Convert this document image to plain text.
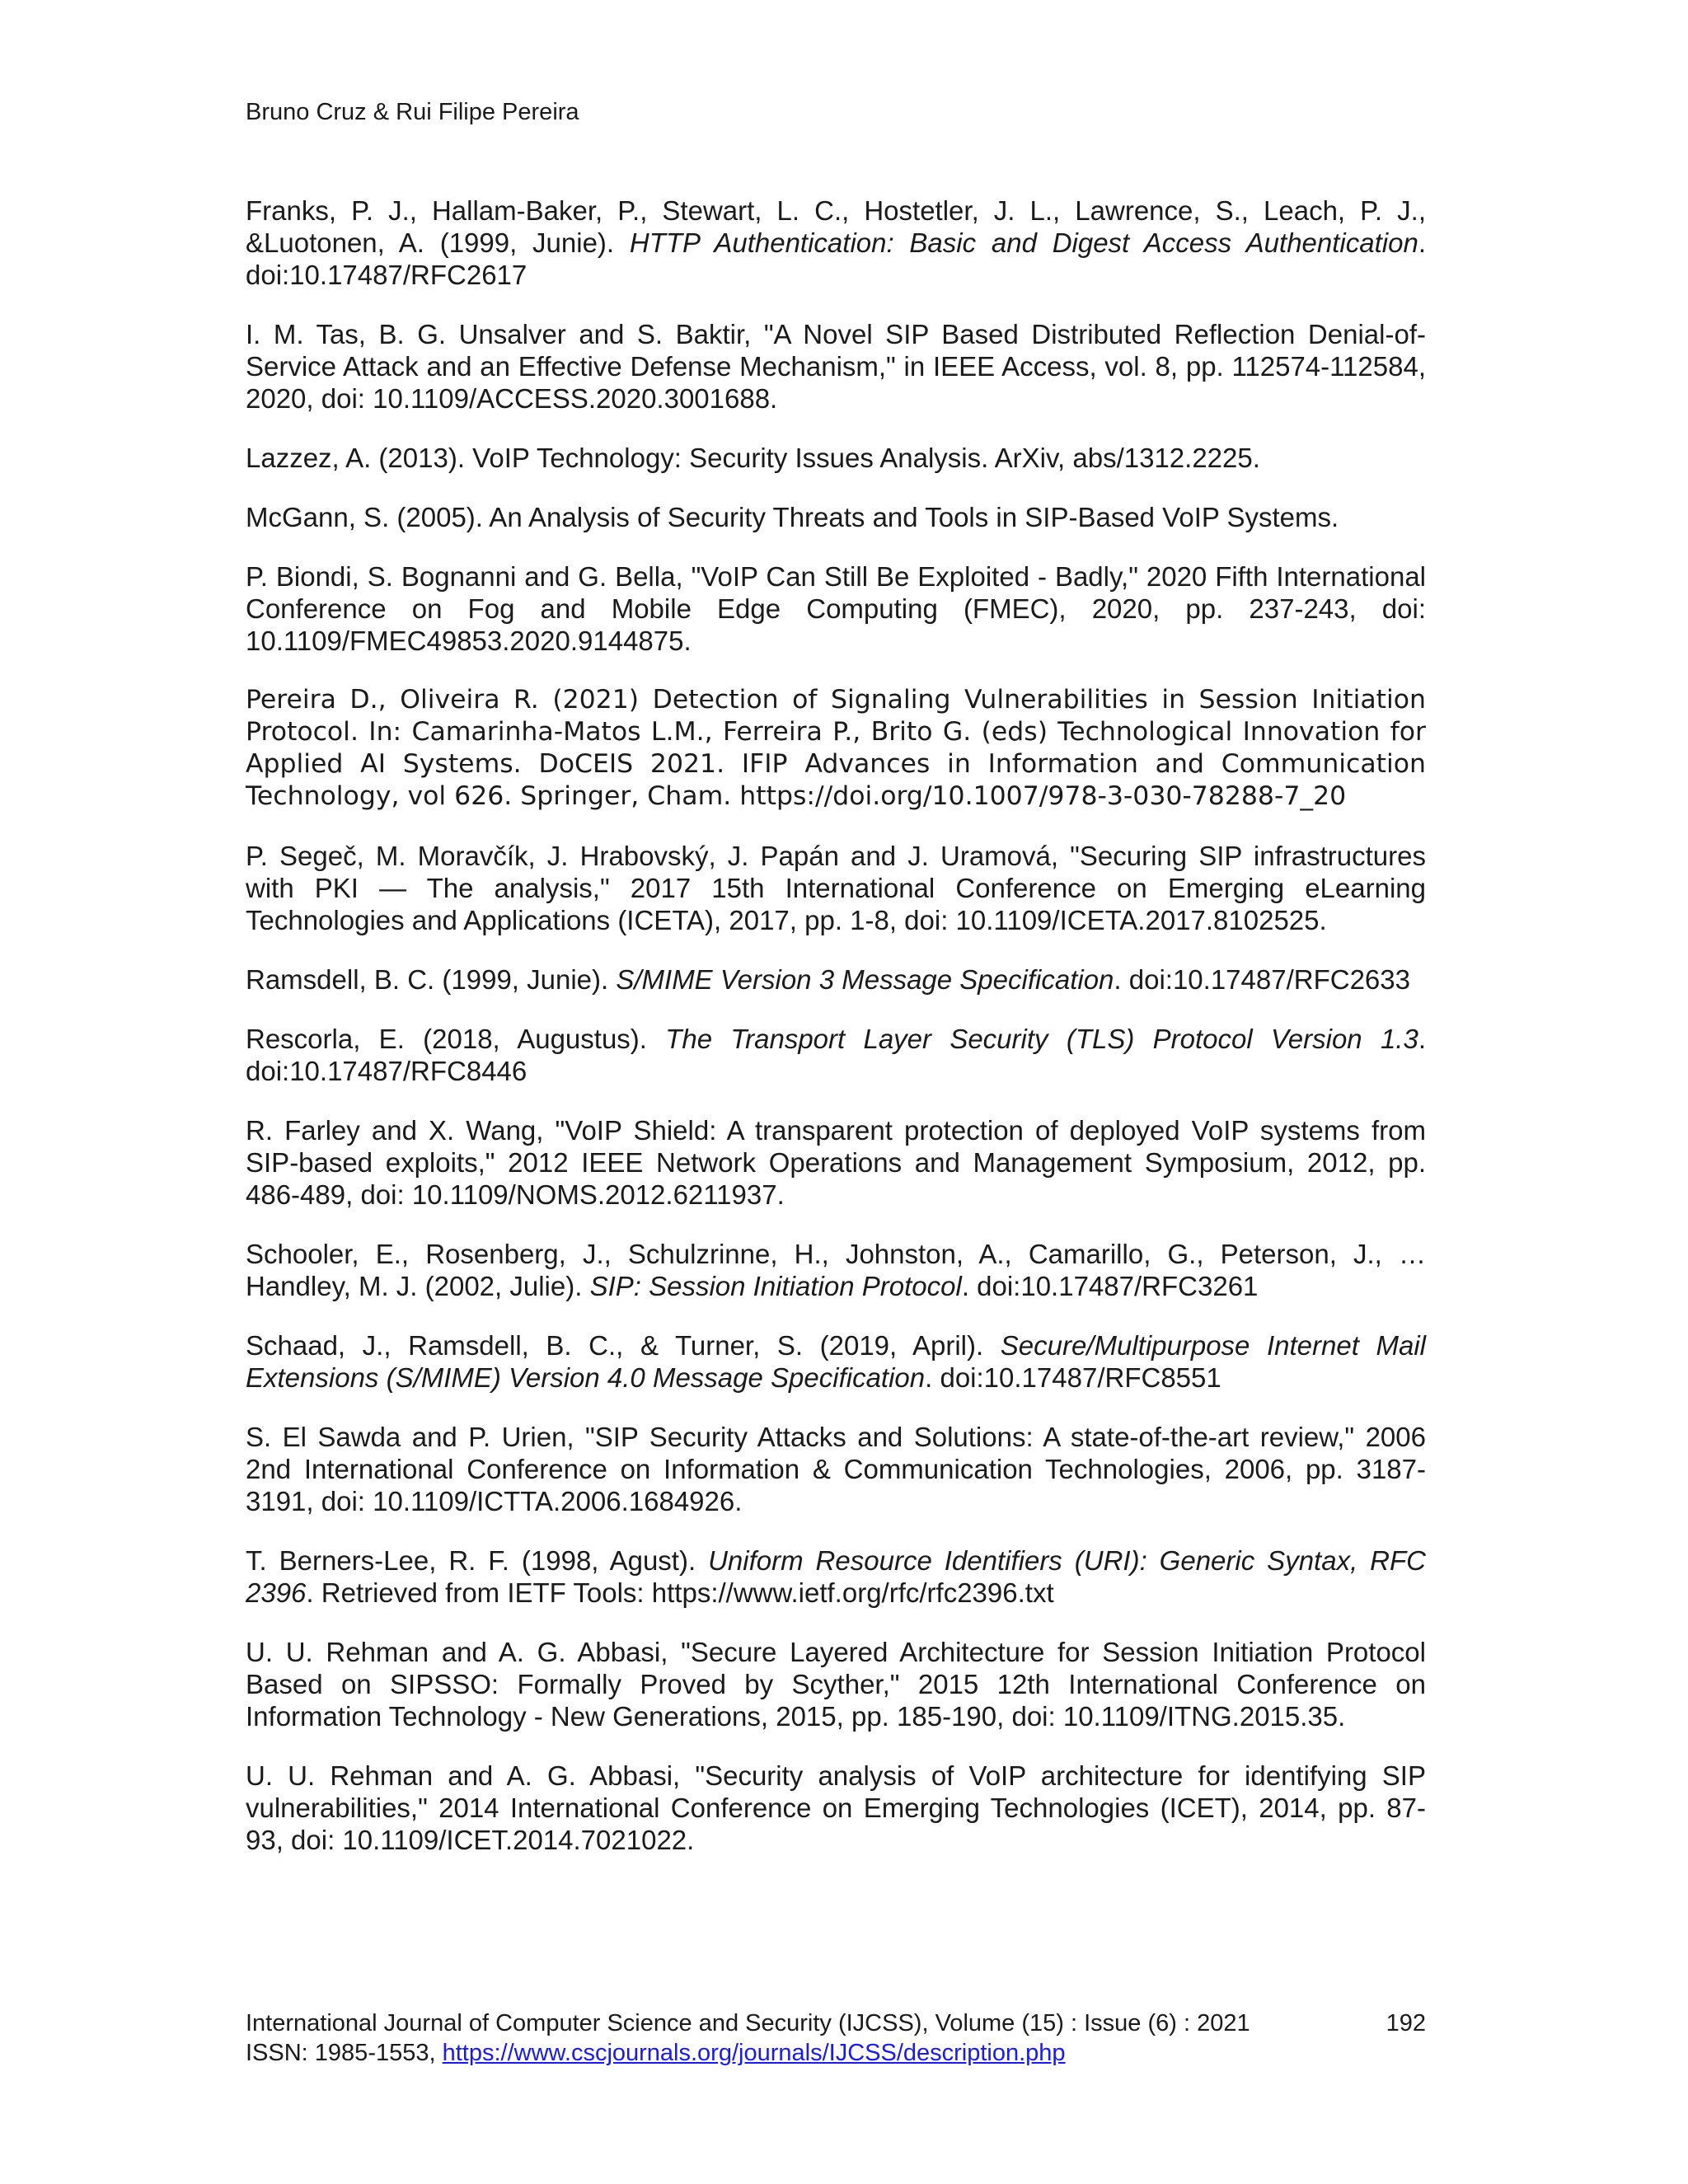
Bruno Cruz & Rui Filipe Pereira
Franks, P. J., Hallam-Baker, P., Stewart, L. C., Hostetler, J. L., Lawrence, S., Leach, P. J., &Luotonen, A. (1999, Junie). HTTP Authentication: Basic and Digest Access Authentication. doi:10.17487/RFC2617
I. M. Tas, B. G. Unsalver and S. Baktir, "A Novel SIP Based Distributed Reflection Denial-of-Service Attack and an Effective Defense Mechanism," in IEEE Access, vol. 8, pp. 112574-112584, 2020, doi: 10.1109/ACCESS.2020.3001688.
Lazzez, A. (2013). VoIP Technology: Security Issues Analysis. ArXiv, abs/1312.2225.
McGann, S. (2005). An Analysis of Security Threats and Tools in SIP-Based VoIP Systems.
P. Biondi, S. Bognanni and G. Bella, "VoIP Can Still Be Exploited - Badly," 2020 Fifth International Conference on Fog and Mobile Edge Computing (FMEC), 2020, pp. 237-243, doi: 10.1109/FMEC49853.2020.9144875.
Pereira D., Oliveira R. (2021) Detection of Signaling Vulnerabilities in Session Initiation Protocol. In: Camarinha-Matos L.M., Ferreira P., Brito G. (eds) Technological Innovation for Applied AI Systems. DoCEIS 2021. IFIP Advances in Information and Communication Technology, vol 626. Springer, Cham. https://doi.org/10.1007/978-3-030-78288-7_20
P. Segeč, M. Moravčík, J. Hrabovský, J. Papán and J. Uramová, "Securing SIP infrastructures with PKI — The analysis," 2017 15th International Conference on Emerging eLearning Technologies and Applications (ICETA), 2017, pp. 1-8, doi: 10.1109/ICETA.2017.8102525.
Ramsdell, B. C. (1999, Junie). S/MIME Version 3 Message Specification. doi:10.17487/RFC2633
Rescorla, E. (2018, Augustus). The Transport Layer Security (TLS) Protocol Version 1.3. doi:10.17487/RFC8446
R. Farley and X. Wang, "VoIP Shield: A transparent protection of deployed VoIP systems from SIP-based exploits," 2012 IEEE Network Operations and Management Symposium, 2012, pp. 486-489, doi: 10.1109/NOMS.2012.6211937.
Schooler, E., Rosenberg, J., Schulzrinne, H., Johnston, A., Camarillo, G., Peterson, J., … Handley, M. J. (2002, Julie). SIP: Session Initiation Protocol. doi:10.17487/RFC3261
Schaad, J., Ramsdell, B. C., & Turner, S. (2019, April). Secure/Multipurpose Internet Mail Extensions (S/MIME) Version 4.0 Message Specification. doi:10.17487/RFC8551
S. El Sawda and P. Urien, "SIP Security Attacks and Solutions: A state-of-the-art review," 2006 2nd International Conference on Information & Communication Technologies, 2006, pp. 3187-3191, doi: 10.1109/ICTTA.2006.1684926.
T. Berners-Lee, R. F. (1998, Agust). Uniform Resource Identifiers (URI): Generic Syntax, RFC 2396. Retrieved from IETF Tools: https://www.ietf.org/rfc/rfc2396.txt
U. U. Rehman and A. G. Abbasi, "Secure Layered Architecture for Session Initiation Protocol Based on SIPSSO: Formally Proved by Scyther," 2015 12th International Conference on Information Technology - New Generations, 2015, pp. 185-190, doi: 10.1109/ITNG.2015.35.
U. U. Rehman and A. G. Abbasi, "Security analysis of VoIP architecture for identifying SIP vulnerabilities," 2014 International Conference on Emerging Technologies (ICET), 2014, pp. 87-93, doi: 10.1109/ICET.2014.7021022.
International Journal of Computer Science and Security (IJCSS), Volume (15) : Issue (6) : 2021	192
ISSN: 1985-1553, https://www.cscjournals.org/journals/IJCSS/description.php
